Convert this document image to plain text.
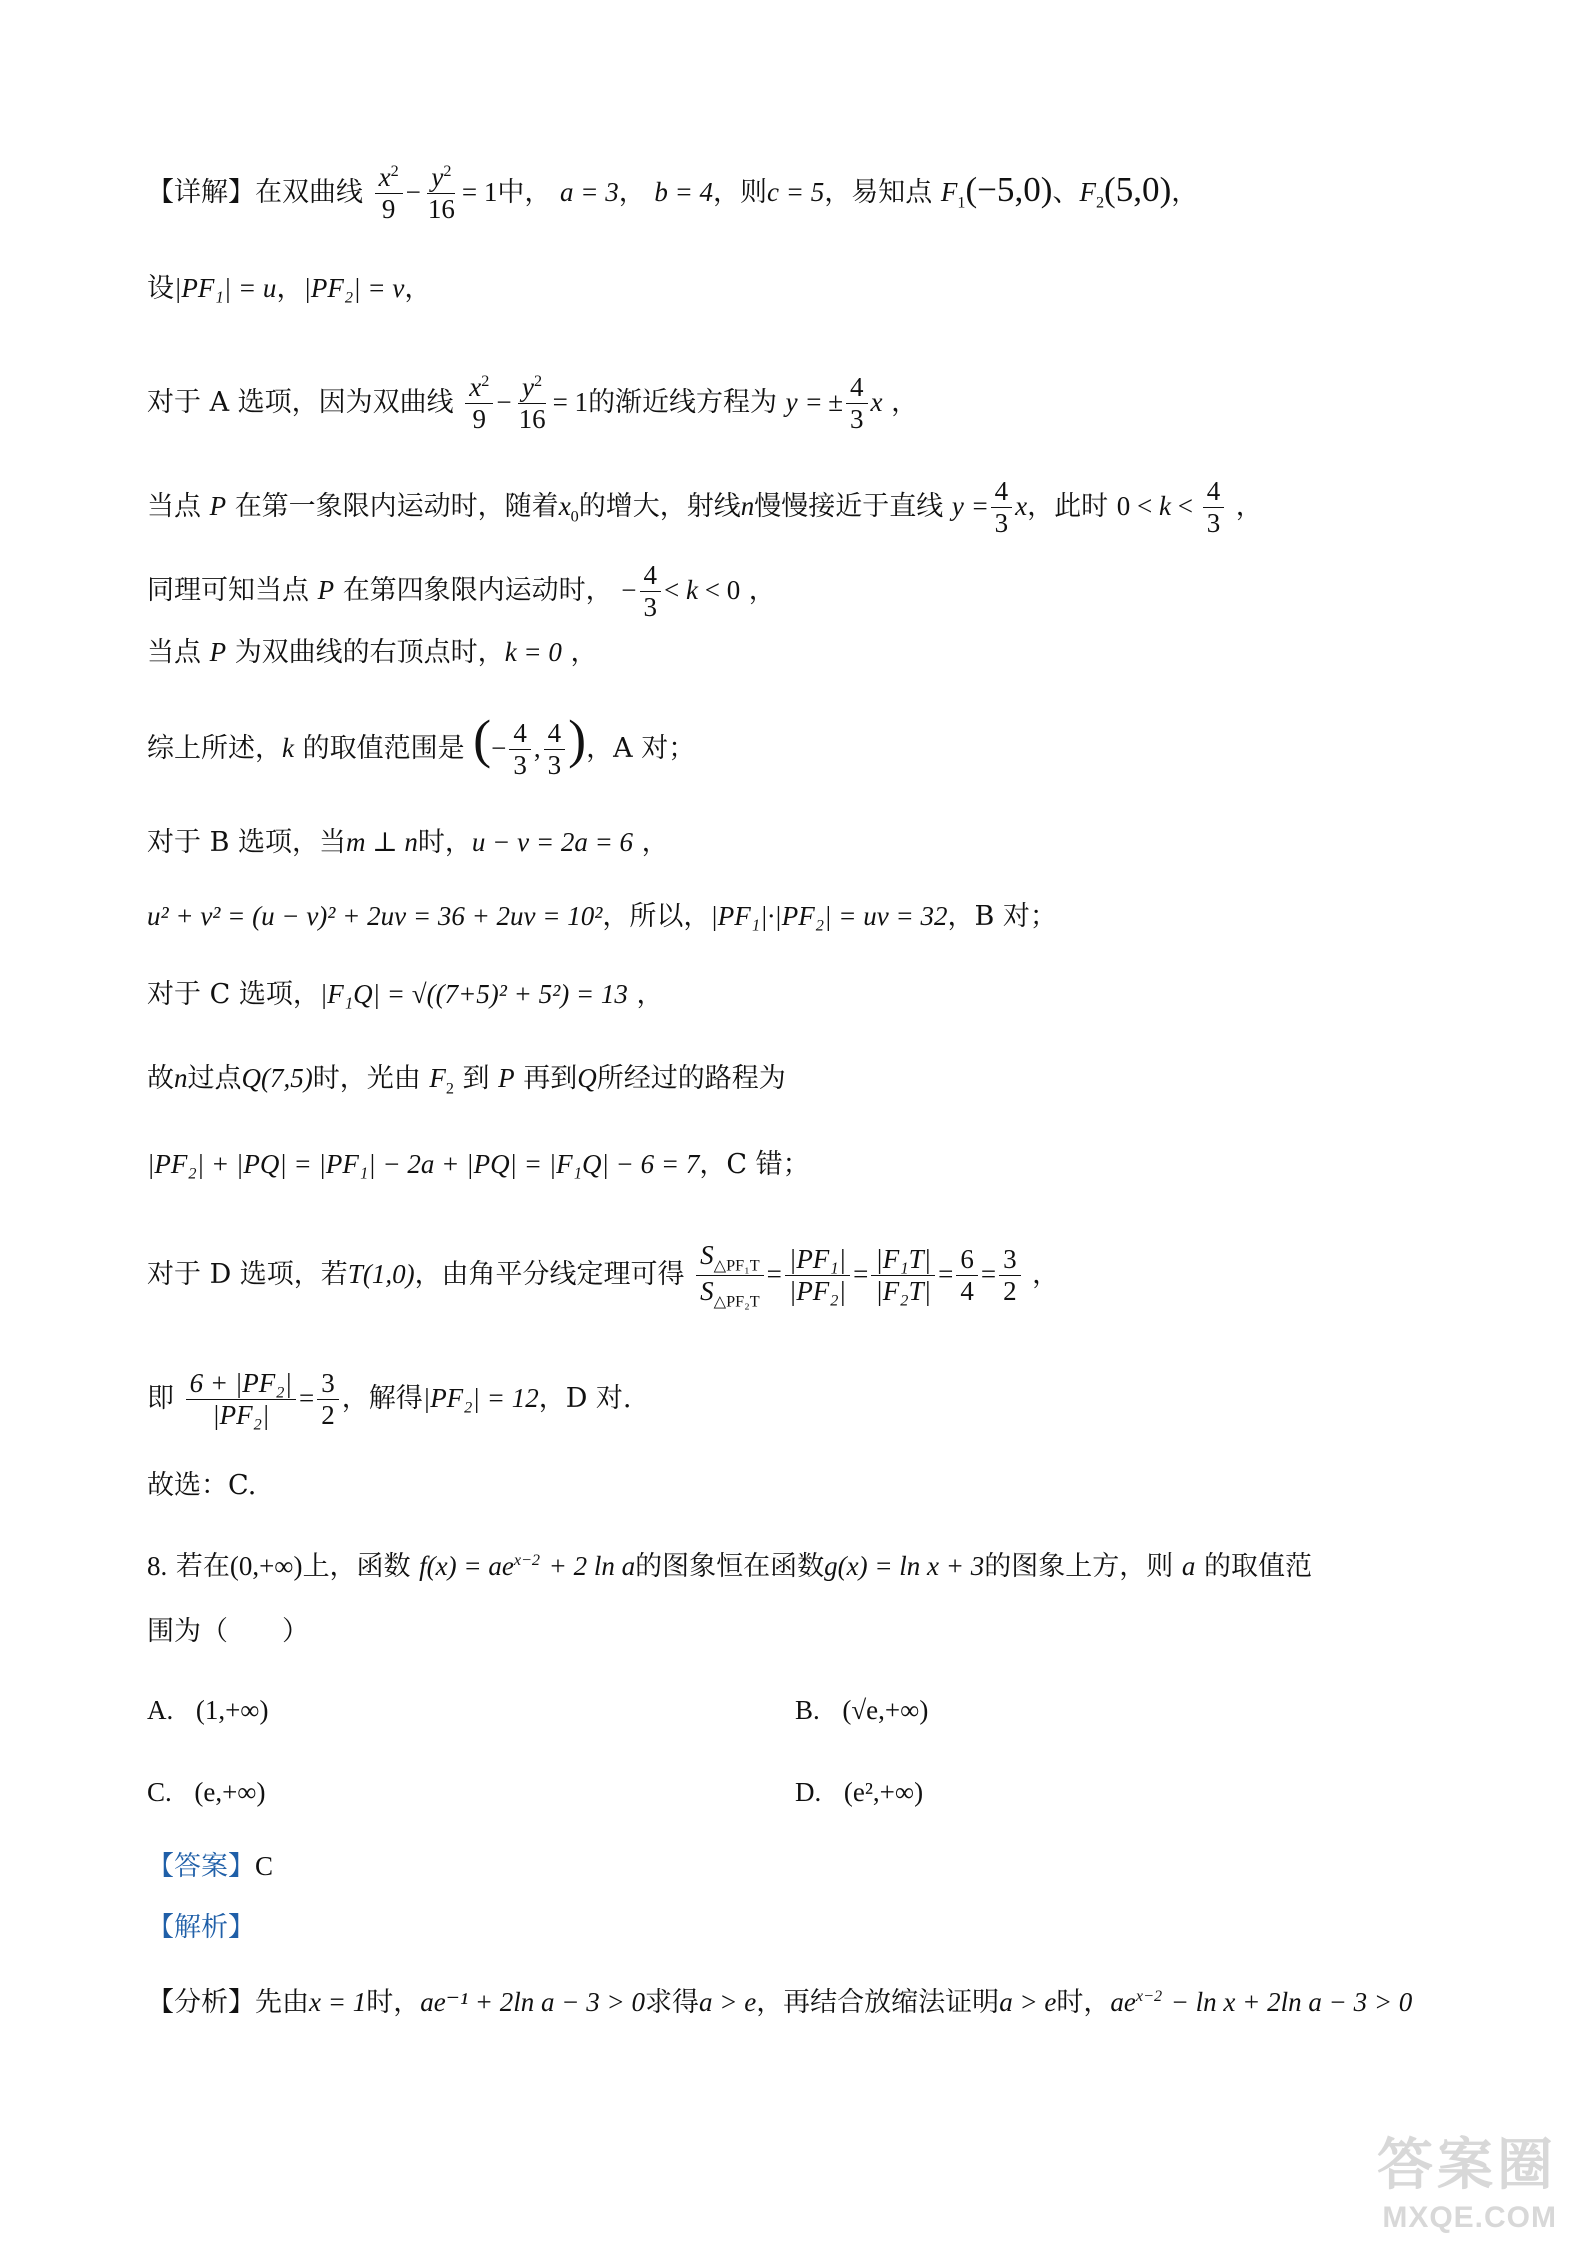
【详解】在双曲线 $\frac{x^2}{9} - \frac{y^2}{16} = 1$中， a = 3， b = 4，则c = 5，易知点 $F_1(-5,0)$、$F_2(5,0)$，
设|PF₁| = u，|PF₂| = v，
对于 A 选项，因为双曲线 $\frac{x^2}{9} - \frac{y^2}{16} = 1$的渐近线方程为 y = ± $\frac{4}{3}$ x ，
当点 P 在第一象限内运动时，随着$x_0$的增大，射线n慢慢接近于直线 $y = \frac{4}{3}$ x，此时 $0 < k < \frac{4}{3}$ ，
同理可知当点 P 在第四象限内运动时， − $\frac{4}{3} < k < 0$ ，
当点 P 为双曲线的右顶点时，k = 0 ，
综上所述，k 的取值范围是 (− $\frac{4}{3}$ , $\frac{4}{3}$ )，A 对；
对于 B 选项，当m ⊥ n时，u − v = 2a = 6 ，
u² + v² = (u − v)² + 2uv = 36 + 2uv = 10²，所以，|PF₁|·|PF₂| = uv = 32，B 对；
对于 C 选项，|F₁Q| = √((7+5)² + 5²) = 13 ，
故n过点Q(7,5)时，光由 $F_2$ 到 P 再到Q所经过的路程为
|PF₂| + |PQ| = |PF₁| − 2a + |PQ| = |F₁Q| − 6 = 7，C 错；
对于 D 选项，若T(1,0)，由角平分线定理可得 $\frac{S_{\triangle PF_1T}}{S_{\triangle PF_2T}} = \frac{\text{|PF₁|}}{\text{|PF₂|}} = \frac{\text{|F₁T|}}{\text{|F₂T|}} = \frac{6}{4} = \frac{3}{2}$ ，
即 $\frac{\text{6 + |PF₂|}}{\text{|PF₂|}} = \frac{3}{2}$ ，解得|PF₂| = 12，D 对.
故选：C.
8. 若在(0,+∞)上，函数 $f(x) = ae^{x-2} + 2$ ln a的图象恒在函数g(x) = ln x + 3的图象上方，则 a 的取值范
围为（　　）
A. (1,+∞)	B. (√e,+∞)
C. (e,+∞)	D. (e²,+∞)
【答案】C
【解析】
【分析】先由x = 1时，ae⁻¹ + 2ln a − 3 > 0求得a > e，再结合放缩法证明a > e时，$ae^{x-2} - \ln x + 2\ln$ a − 3 > 0
答案圈
MXQE.COM
